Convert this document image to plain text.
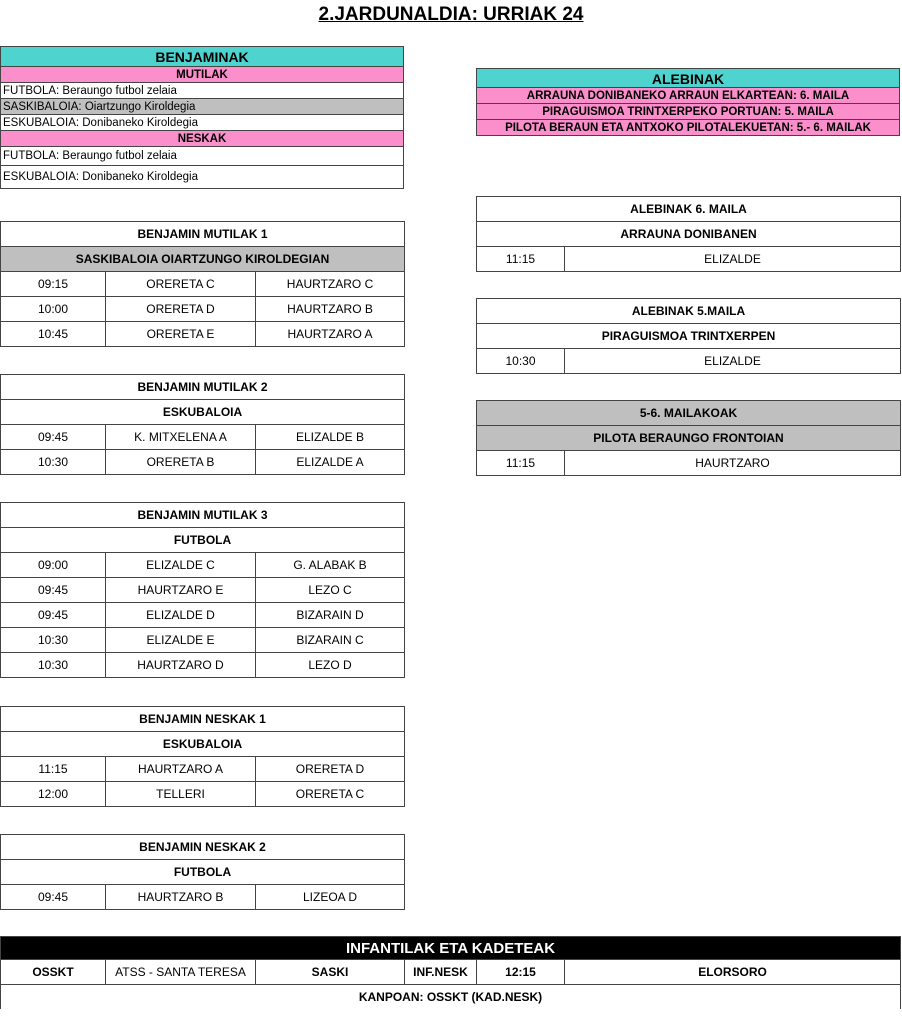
2.JARDUNALDIA: URRIAK 24
BENJAMINAK
MUTILAK
FUTBOLA: Beraungo futbol zelaia
SASKIBALOIA: Oiartzungo Kiroldegia
ESKUBALOIA: Donibaneko Kiroldegia
NESKAK
FUTBOLA: Beraungo futbol zelaia
ESKUBALOIA: Donibaneko Kiroldegia
ALEBINAK
ARRAUNA DONIBANEKO ARRAUN ELKARTEAN: 6. MAILA
PIRAGUISMOA TRINTXERPEKO PORTUAN: 5. MAILA
PILOTA BERAUN ETA ANTXOKO PILOTALEKUETAN: 5.- 6. MAILAK
BENJAMIN MUTILAK 1		
SASKIBALOIA OIARTZUNGO KIROLDEGIAN		
09:15	ORERETA C	HAURTZARO C
10:00	ORERETA D	HAURTZARO B
10:45	ORERETA E	HAURTZARO A
BENJAMIN MUTILAK 2		
ESKUBALOIA		
09:45	K. MITXELENA A	ELIZALDE B
10:30	ORERETA B	ELIZALDE A
BENJAMIN MUTILAK 3		
FUTBOLA		
09:00	ELIZALDE C	G. ALABAK B
09:45	HAURTZARO E	LEZO C
09:45	ELIZALDE D	BIZARAIN D
10:30	ELIZALDE E	BIZARAIN C
10:30	HAURTZARO D	LEZO D
BENJAMIN NESKAK 1		
ESKUBALOIA		
11:15	HAURTZARO A	ORERETA D
12:00	TELLERI	ORERETA C
BENJAMIN NESKAK 2
FUTBOLA
09:45	HAURTZARO B	LIZEOA D
ALEBINAK 6. MAILA
ARRAUNA DONIBANEN
11:15	ELIZALDE
ALEBINAK 5.MAILA
PIRAGUISMOA TRINTXERPEN
10:30	ELIZALDE
5-6. MAILAKOAK
PILOTA BERAUNGO FRONTOIAN
11:15	HAURTZARO
INFANTILAK ETA KADETEAK
OSSKT	ATSS - SANTA TERESA	SASKI	INF.NESK	12:15	ELORSORO
KANPOAN: OSSKT (KAD.NESK)
